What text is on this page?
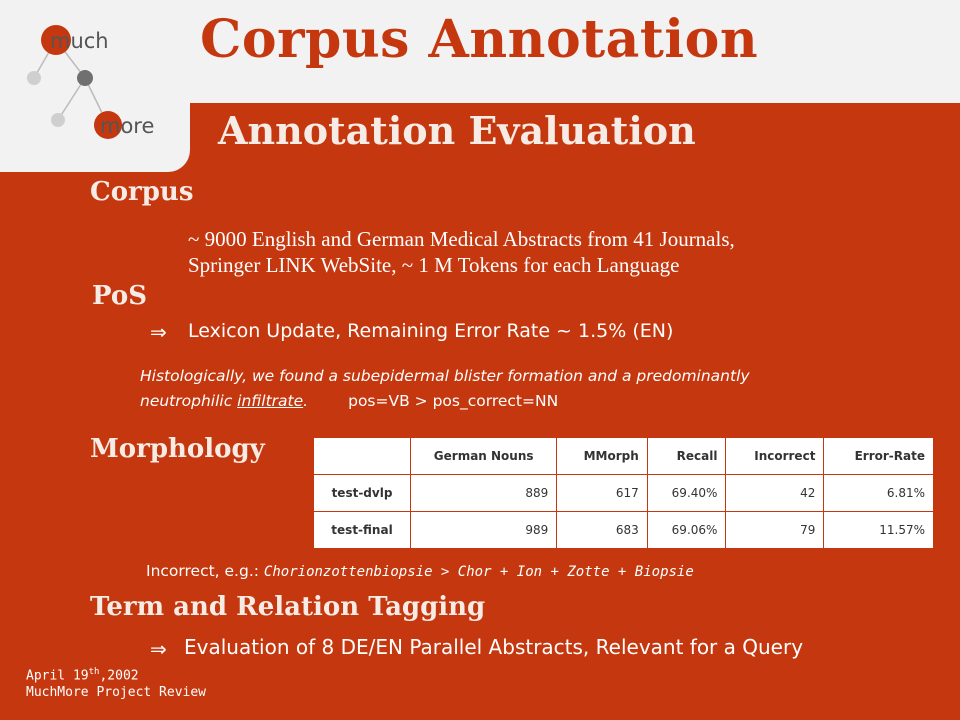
much
more
Corpus Annotation
Annotation Evaluation
Corpus
~ 9000 English and German Medical Abstracts from 41 Journals,
Springer LINK WebSite, ~ 1 M Tokens for each Language
PoS
⇒ Lexicon Update, Remaining Error Rate ~ 1.5% (EN)
Histologically, we found a subepidermal blister formation and a predominantly
neutrophilic infiltrate.	pos=VB > pos_correct=NN
Morphology
		German Nouns	MMorph	Recall	Incorrect	Error-Rate
test-dvlp	889	617	69.40%	42	6.81%
test-final	989	683	69.06%	79	11.57%
Incorrect, e.g.: Chorionzottenbiopsie > Chor + Ion + Zotte + Biopsie
Term and Relation Tagging
⇒ Evaluation of 8 DE/EN Parallel Abstracts, Relevant for a Query
April 19th,2002
MuchMore Project Review
